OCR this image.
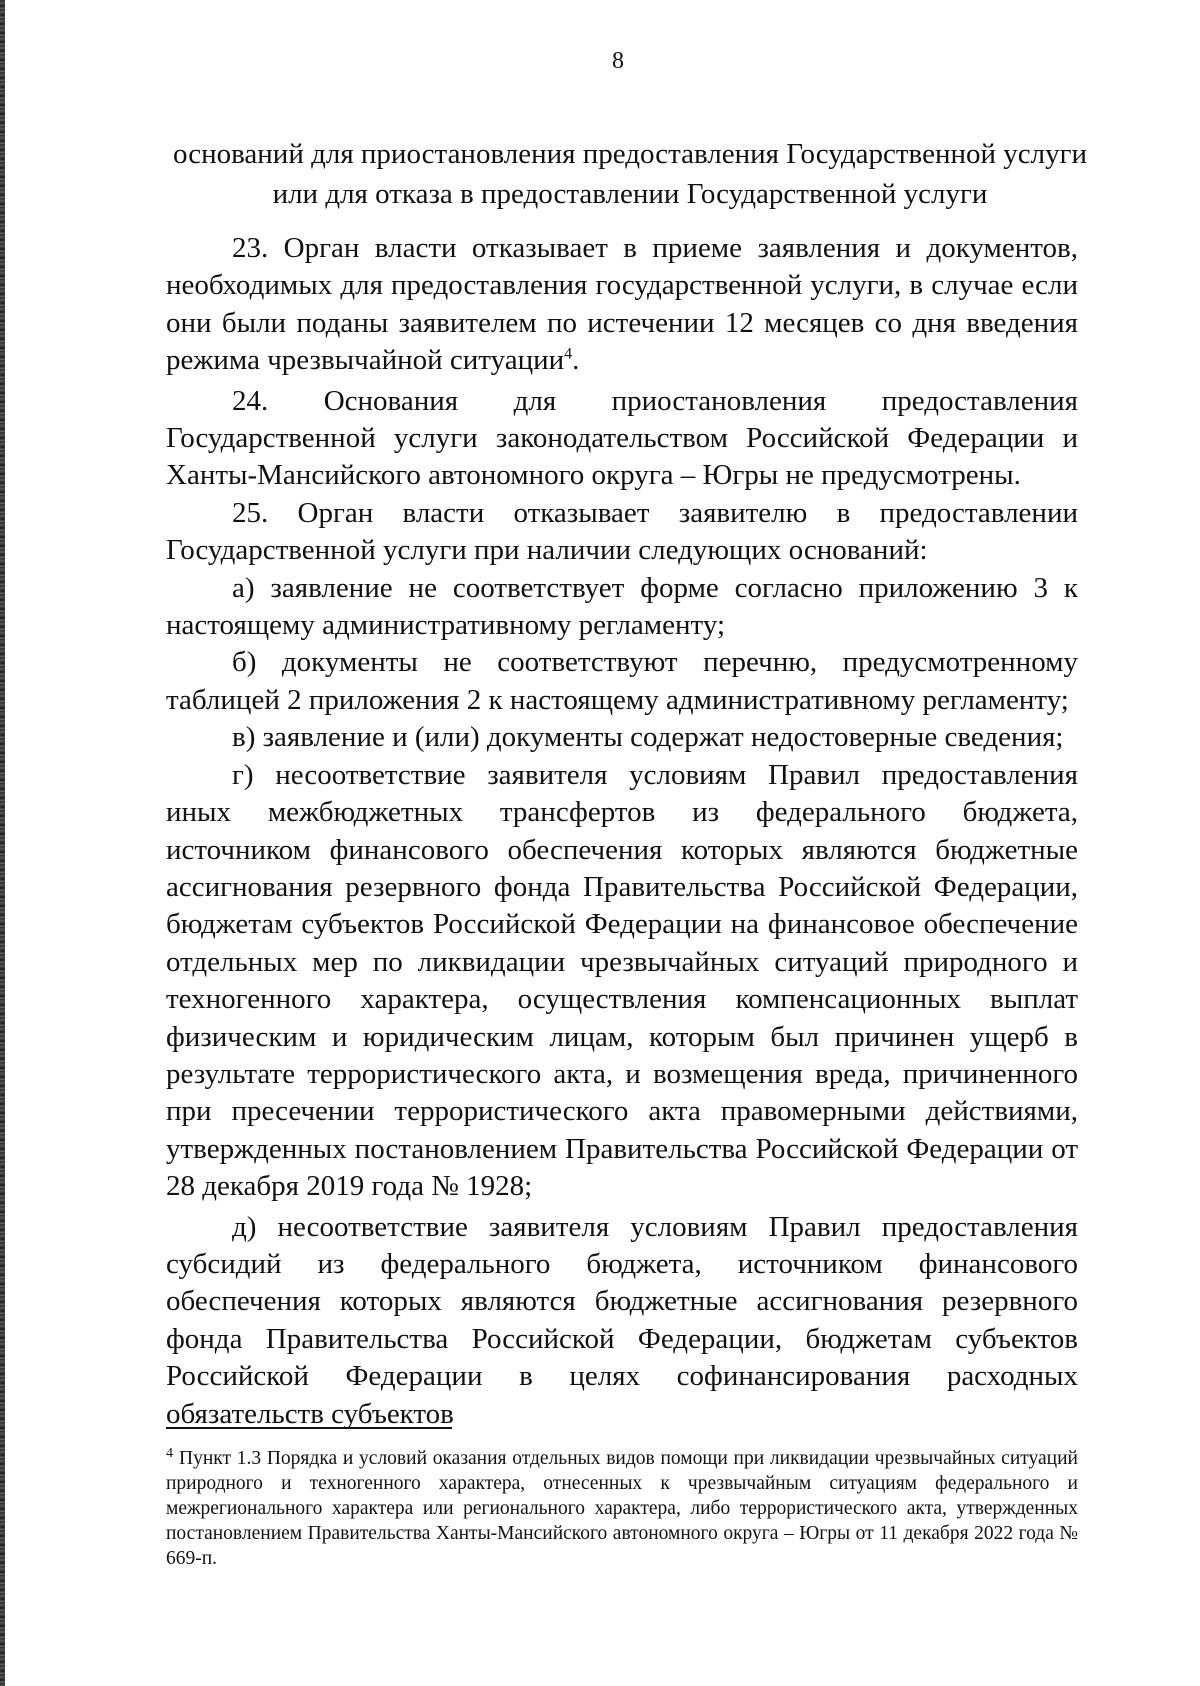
8
оснований для приостановления предоставления Государственной услуги
или для отказа в предоставлении Государственной услуги

23. Орган власти отказывает в приеме заявления и документов, необходимых для предоставления государственной услуги, в случае если они были поданы заявителем по истечении 12 месяцев со дня введения режима чрезвычайной ситуации$^4$.

24. Основания для приостановления предоставления Государственной услуги законодательством Российской Федерации и Ханты-Мансийского автономного округа – Югры не предусмотрены.

25. Орган власти отказывает заявителю в предоставлении Государственной услуги при наличии следующих оснований:

а) заявление не соответствует форме согласно приложению 3 к настоящему административному регламенту;

б) документы не соответствуют перечню, предусмотренному таблицей 2 приложения 2 к настоящему административному регламенту;

в) заявление и (или) документы содержат недостоверные сведения;

г) несоответствие заявителя условиям Правил предоставления иных межбюджетных трансфертов из федерального бюджета, источником финансового обеспечения которых являются бюджетные ассигнования резервного фонда Правительства Российской Федерации, бюджетам субъектов Российской Федерации на финансовое обеспечение отдельных мер по ликвидации чрезвычайных ситуаций природного и техногенного характера, осуществления компенсационных выплат физическим и юридическим лицам, которым был причинен ущерб в результате террористического акта, и возмещения вреда, причиненного при пресечении террористического акта правомерными действиями, утвержденных постановлением Правительства Российской Федерации от 28 декабря 2019 года № 1928;

д) несоответствие заявителя условиям Правил предоставления субсидий из федерального бюджета, источником финансового обеспечения которых являются бюджетные ассигнования резервного фонда Правительства Российской Федерации, бюджетам субъектов Российской Федерации в целях софинансирования расходных обязательств субъектов

$^4$ Пункт 1.3 Порядка и условий оказания отдельных видов помощи при ликвидации чрезвычайных ситуаций природного и техногенного характера, отнесенных к чрезвычайным ситуациям федерального и межрегионального характера или регионального характера, либо террористического акта, утвержденных постановлением Правительства Ханты-Мансийского автономного округа – Югры от 11 декабря 2022 года № 669-п.
